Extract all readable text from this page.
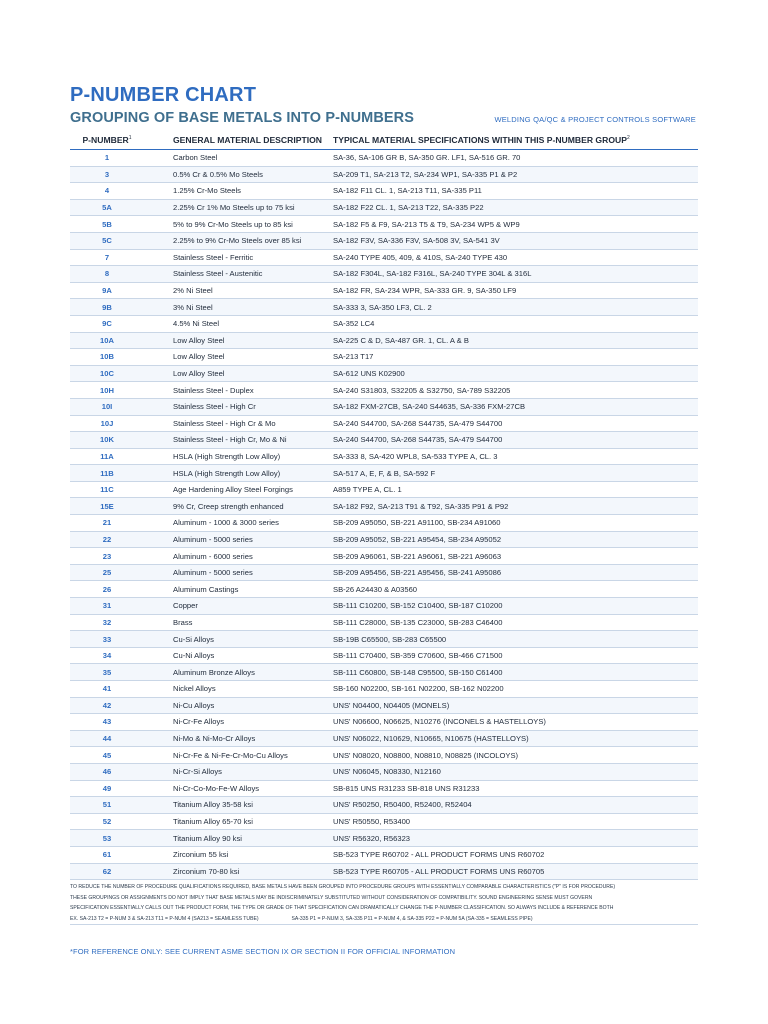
P-NUMBER CHART
GROUPING OF BASE METALS INTO P-NUMBERS	WELDING QA/QC & PROJECT CONTROLS SOFTWARE
P-NUMBER$^1$	GENERAL MATERIAL DESCRIPTION	TYPICAL MATERIAL SPECIFICATIONS WITHIN THIS P-NUMBER GROUP$^2$
1	Carbon Steel	SA-36, SA-106 GR B, SA-350 GR. LF1, SA-516 GR. 70
3	0.5% Cr & 0.5% Mo Steels	SA-209 T1, SA-213 T2, SA-234 WP1, SA-335 P1 & P2
4	1.25% Cr-Mo Steels	SA-182 F11 CL. 1, SA-213 T11, SA-335 P11
5A	2.25% Cr 1% Mo Steels up to 75 ksi	SA-182 F22 CL. 1, SA-213 T22, SA-335 P22
5B	5% to 9% Cr-Mo Steels up to 85 ksi	SA-182 F5 & F9, SA-213 T5 & T9, SA-234 WP5 & WP9
5C	2.25% to 9% Cr-Mo Steels over 85 ksi	SA-182 F3V, SA-336 F3V, SA-508 3V, SA-541 3V
7	Stainless Steel - Ferritic	SA-240 TYPE 405, 409, & 410S, SA-240 TYPE 430
8	Stainless Steel - Austenitic	SA-182 F304L, SA-182 F316L, SA-240 TYPE 304L & 316L
9A	2% Ni Steel	SA-182 FR, SA-234 WPR, SA-333 GR. 9, SA-350 LF9
9B	3% Ni Steel	SA-333 3, SA-350 LF3, CL. 2
9C	4.5% Ni Steel	SA-352 LC4
10A	Low Alloy Steel	SA-225 C & D, SA-487 GR. 1, CL. A & B
10B	Low Alloy Steel	SA-213 T17
10C	Low Alloy Steel	SA-612 UNS K02900
10H	Stainless Steel - Duplex	SA-240 S31803, S32205 & S32750, SA-789 S32205
10I	Stainless Steel - High Cr	SA-182 FXM-27CB, SA-240 S44635, SA-336 FXM-27CB
10J	Stainless Steel - High Cr & Mo	SA-240 S44700, SA-268 S44735, SA-479 S44700
10K	Stainless Steel - High Cr, Mo & Ni	SA-240 S44700, SA-268 S44735, SA-479 S44700
11A	HSLA (High Strength Low Alloy)	SA-333 8, SA-420 WPL8, SA-533 TYPE A, CL. 3
11B	HSLA (High Strength Low Alloy)	SA-517 A, E, F, & B, SA-592 F
11C	Age Hardening Alloy Steel Forgings	A859 TYPE A, CL. 1
15E	9% Cr, Creep strength enhanced	SA-182 F92, SA-213 T91 & T92, SA-335 P91 & P92
21	Aluminum - 1000 & 3000 series	SB-209 A95050, SB-221 A91100, SB-234 A91060
22	Aluminum - 5000 series	SB-209 A95052, SB-221 A95454, SB-234 A95052
23	Aluminum - 6000 series	SB-209 A96061, SB-221 A96061, SB-221 A96063
25	Aluminum - 5000 series	SB-209 A95456, SB-221 A95456, SB-241 A95086
26	Aluminum Castings	SB-26 A24430 & A03560
31	Copper	SB-111 C10200, SB-152 C10400, SB-187 C10200
32	Brass	SB-111 C28000, SB-135 C23000, SB-283 C46400
33	Cu-Si Alloys	SB-19B C65500, SB-283 C65500
34	Cu-Ni Alloys	SB-111 C70400, SB-359 C70600, SB-466 C71500
35	Aluminum Bronze Alloys	SB-111 C60800, SB-148 C95500, SB-150 C61400
41	Nickel Alloys	SB-160 N02200, SB-161 N02200, SB-162 N02200
42	Ni-Cu Alloys	UNS' N04400, N04405 (MONELS)
43	Ni-Cr-Fe Alloys	UNS' N06600, N06625, N10276 (INCONELS & HASTELLOYS)
44	Ni-Mo & Ni-Mo-Cr Alloys	UNS' N06022, N10629, N10665, N10675 (HASTELLOYS)
45	Ni-Cr-Fe & Ni-Fe-Cr-Mo-Cu Alloys	UNS' N08020, N08800, N08810, N08825 (INCOLOYS)
46	Ni-Cr-Si Alloys	UNS' N06045, N08330, N12160
49	Ni-Cr-Co-Mo-Fe-W Alloys	SB-815 UNS R31233 SB-818 UNS R31233
51	Titanium Alloy 35-58 ksi	UNS' R50250, R50400, R52400, R52404
52	Titanium Alloy 65-70 ksi	UNS' R50550, R53400
53	Titanium Alloy 90 ksi	UNS' R56320, R56323
61	Zirconium 55 ksi	SB-523 TYPE R60702 - ALL PRODUCT FORMS UNS R60702
62	Zirconium 70-80 ksi	SB-523 TYPE R60705 - ALL PRODUCT FORMS UNS R60705
TO REDUCE THE NUMBER OF PROCEDURE QUALIFICATIONS REQUIRED, BASE METALS HAVE BEEN GROUPED INTO PROCEDURE GROUPS WITH ESSENTIALLY COMPARABLE CHARACTERISTICS ("P" IS FOR PROCEDURE)
THESE GROUPINGS OR ASSIGNMENTS DO NOT IMPLY THAT BASE METALS MAY BE INDISCRIMINATELY SUBSTITUTED WITHOUT CONSIDERATION OF COMPATIBILITY. SOUND ENGINEERING SENSE MUST GOVERN
SPECIFICATION ESSENTIALLY CALLS OUT THE PRODUCT FORM, THE TYPE OR GRADE OF THAT SPECIFICATION CAN DRAMATICALLY CHANGE THE P-NUMBER CLASSIFICATION. SO ALWAYS INCLUDE & REFERENCE BOTH
EX. SA-213 T2 = P-NUM 3 & SA-213 T11 = P-NUM 4 (SA213 = SEAMLESS TUBE)	SA-335 P1 = P-NUM 3, SA-335 P11 = P-NUM 4, & SA-335 P22 = P-NUM 5A (SA-335 = SEAMLESS PIPE)
*FOR REFERENCE ONLY: SEE CURRENT ASME SECTION IX OR SECTION II FOR OFFICIAL INFORMATION
